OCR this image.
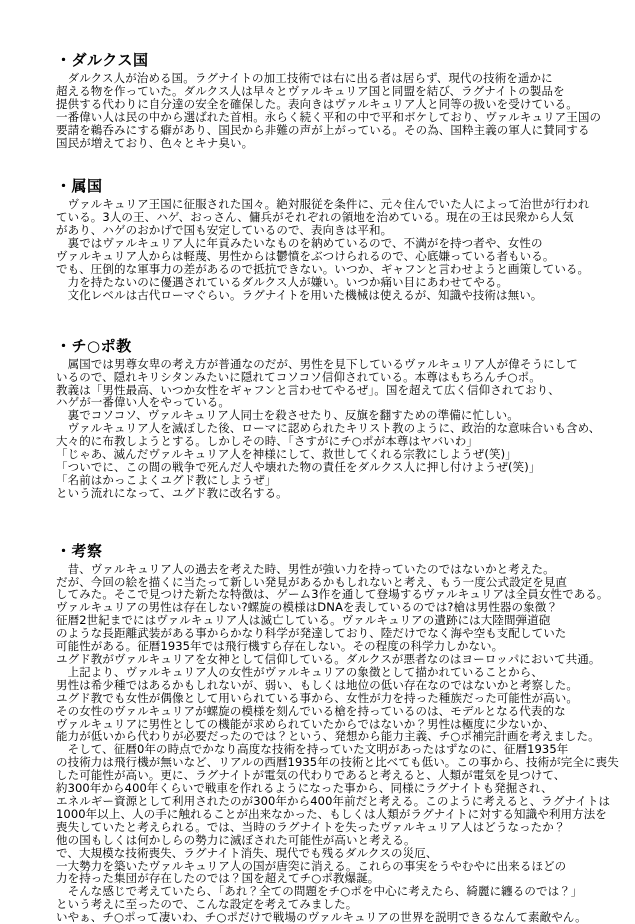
・ダルクス国
　ダルクス人が治める国。ラグナイトの加工技術では右に出る者は居らず、現代の技術を遥かに
超える物を作っていた。ダルクス人は早々とヴァルキュリア国と同盟を結び、ラグナイトの製品を
提供する代わりに自分達の安全を確保した。表向きはヴァルキュリア人と同等の扱いを受けている。
一番偉い人は民の中から選ばれた首相。永らく続く平和の中で平和ボケしており、ヴァルキュリア王国の
要請を鵜呑みにする癖があり、国民から非難の声が上がっている。その為、国粋主義の軍人に賛同する
国民が増えており、色々とキナ臭い。
・属国
　ヴァルキュリア王国に征服された国々。絶対服従を条件に、元々住んでいた人によって治世が行われ
ている。3人の王、ハゲ、おっさん、傭兵がそれぞれの領地を治めている。現在の王は民衆から人気
があり、ハゲのおかげで国も安定しているので、表向きは平和。
　裏ではヴァルキュリア人に年貢みたいなものを納めているので、不満がを持つ者や、女性の
ヴァルキュリア人からは軽蔑、男性からは鬱憤をぶつけられるので、心底嫌っている者もいる。
でも、圧倒的な軍事力の差があるので抵抗できない。いつか、ギャフンと言わせようと画策している。
　力を持たないのに優遇されているダルクス人が嫌い。いつか痛い目にあわせてやる。
　文化レベルは古代ローマぐらい。ラグナイトを用いた機械は使えるが、知識や技術は無い。
・チ○ポ教
　属国では男尊女卑の考え方が普通なのだが、男性を見下しているヴァルキュリア人が偉そうにして
いるので、隠れキリシタンみたいに隠れてコソコソ信仰されている。本尊はもちろんチ○ポ。
教義は「男性最高、いつか女性をギャフンと言わせてやるぜ」。国を超えて広く信仰されており、
ハゲが一番偉い人をやっている。
　裏でコソコソ、ヴァルキュリア人同士を殺させたり、反旗を翻すための準備に忙しい。
　ヴァルキュリア人を滅ぼした後、ローマに認められたキリスト教のように、政治的な意味合いも含め、
大々的に布教しようとする。しかしその時、「さすがにチ○ポが本尊はヤバいわ」
「じゃあ、滅んだヴァルキュリア人を神様にして、救世してくれる宗教にしようぜ(笑)」
「ついでに、この間の戦争で死んだ人や壊れた物の責任をダルクス人に押し付けようぜ(笑)」
「名前はかっこよくユグド教にしようぜ」
という流れになって、ユグド教に改名する。
・考察
　昔、ヴァルキュリア人の過去を考えた時、男性が強い力を持っていたのではないかと考えた。
だが、今回の絵を描くに当たって新しい発見があるかもしれないと考え、もう一度公式設定を見直
してみた。そこで見つけた新たな特徴は、ゲーム3作を通して登場するヴァルキュリアは全員女性である。
ヴァルキュリアの男性は存在しない?螺旋の模様はDNAを表しているのでは?槍は男性器の象徴？
征暦2世紀までにはヴァルキュリア人は滅亡している。ヴァルキュリアの遺跡には大陸間弾道砲
のような長距離武装がある事からかなり科学が発達しており、陸だけでなく海や空も支配していた
可能性がある。征暦1935年では飛行機すら存在しない。その程度の科学力しかない。
ユグド教がヴァルキュリアを女神として信仰している。ダルクスが悪者なのはヨーロッパにおいて共通。
　上記より、ヴァルキュリア人の女性がヴァルキュリアの象徴として描かれていることから、
男性は希少種ではあるかもしれないが、弱い、もしくは地位の低い存在なのではないかと考察した。
ユグド教でも女性が偶像として用いられている事から、女性が力を持った種族だった可能性が高い。
その女性のヴァルキュリアが螺旋の模様を刻んでいる槍を持っているのは、モデルとなる代表的な
ヴァルキュリアに男性としての機能が求められていたからではないか？男性は極度に少ないか、
能力が低いから代わりが必要だったのでは？という、発想から能力主義、チ○ポ補完計画を考えました。
　そして、征暦0年の時点でかなり高度な技術を持っていた文明があったはずなのに、征暦1935年
の技術力は飛行機が無いなど、リアルの西暦1935年の技術と比べても低い。この事から、技術が完全に喪失
した可能性が高い。更に、ラグナイトが電気の代わりであると考えると、人類が電気を見つけて、
約300年から400年くらいで戦車を作れるようになった事から、同様にラグナイトも発掘され、
エネルギー資源として利用されたのが300年から400年前だと考える。このように考えると、ラグナイトは
1000年以上、人の手に触れることが出来なかった、もしくは人類がラグナイトに対する知識や利用方法を
喪失していたと考えられる。では、当時のラグナイトを失ったヴァルキュリア人はどうなったか？
他の国もしくは何かしらの勢力に滅ぼされた可能性が高いと考える。
で、大規模な技術喪失、ラグナイト消失、現代でも残るダルクスの災厄、
一大勢力を築いたヴァルキュリア人の国が唐突に消える。これらの事実をうやむやに出来るほどの
力を持った集団が存在したのでは？国を超えてチ○ポ教爆誕。
　そんな感じで考えていたら、「あれ？全ての問題をチ○ポを中心に考えたら、綺麗に纏るのでは？」
という考えに至ったので、こんな設定を考えてみました。
いやぁ、チ○ポって凄いわ、チ○ポだけで戦場のヴァルキュリアの世界を説明できるなんて素敵やん。
